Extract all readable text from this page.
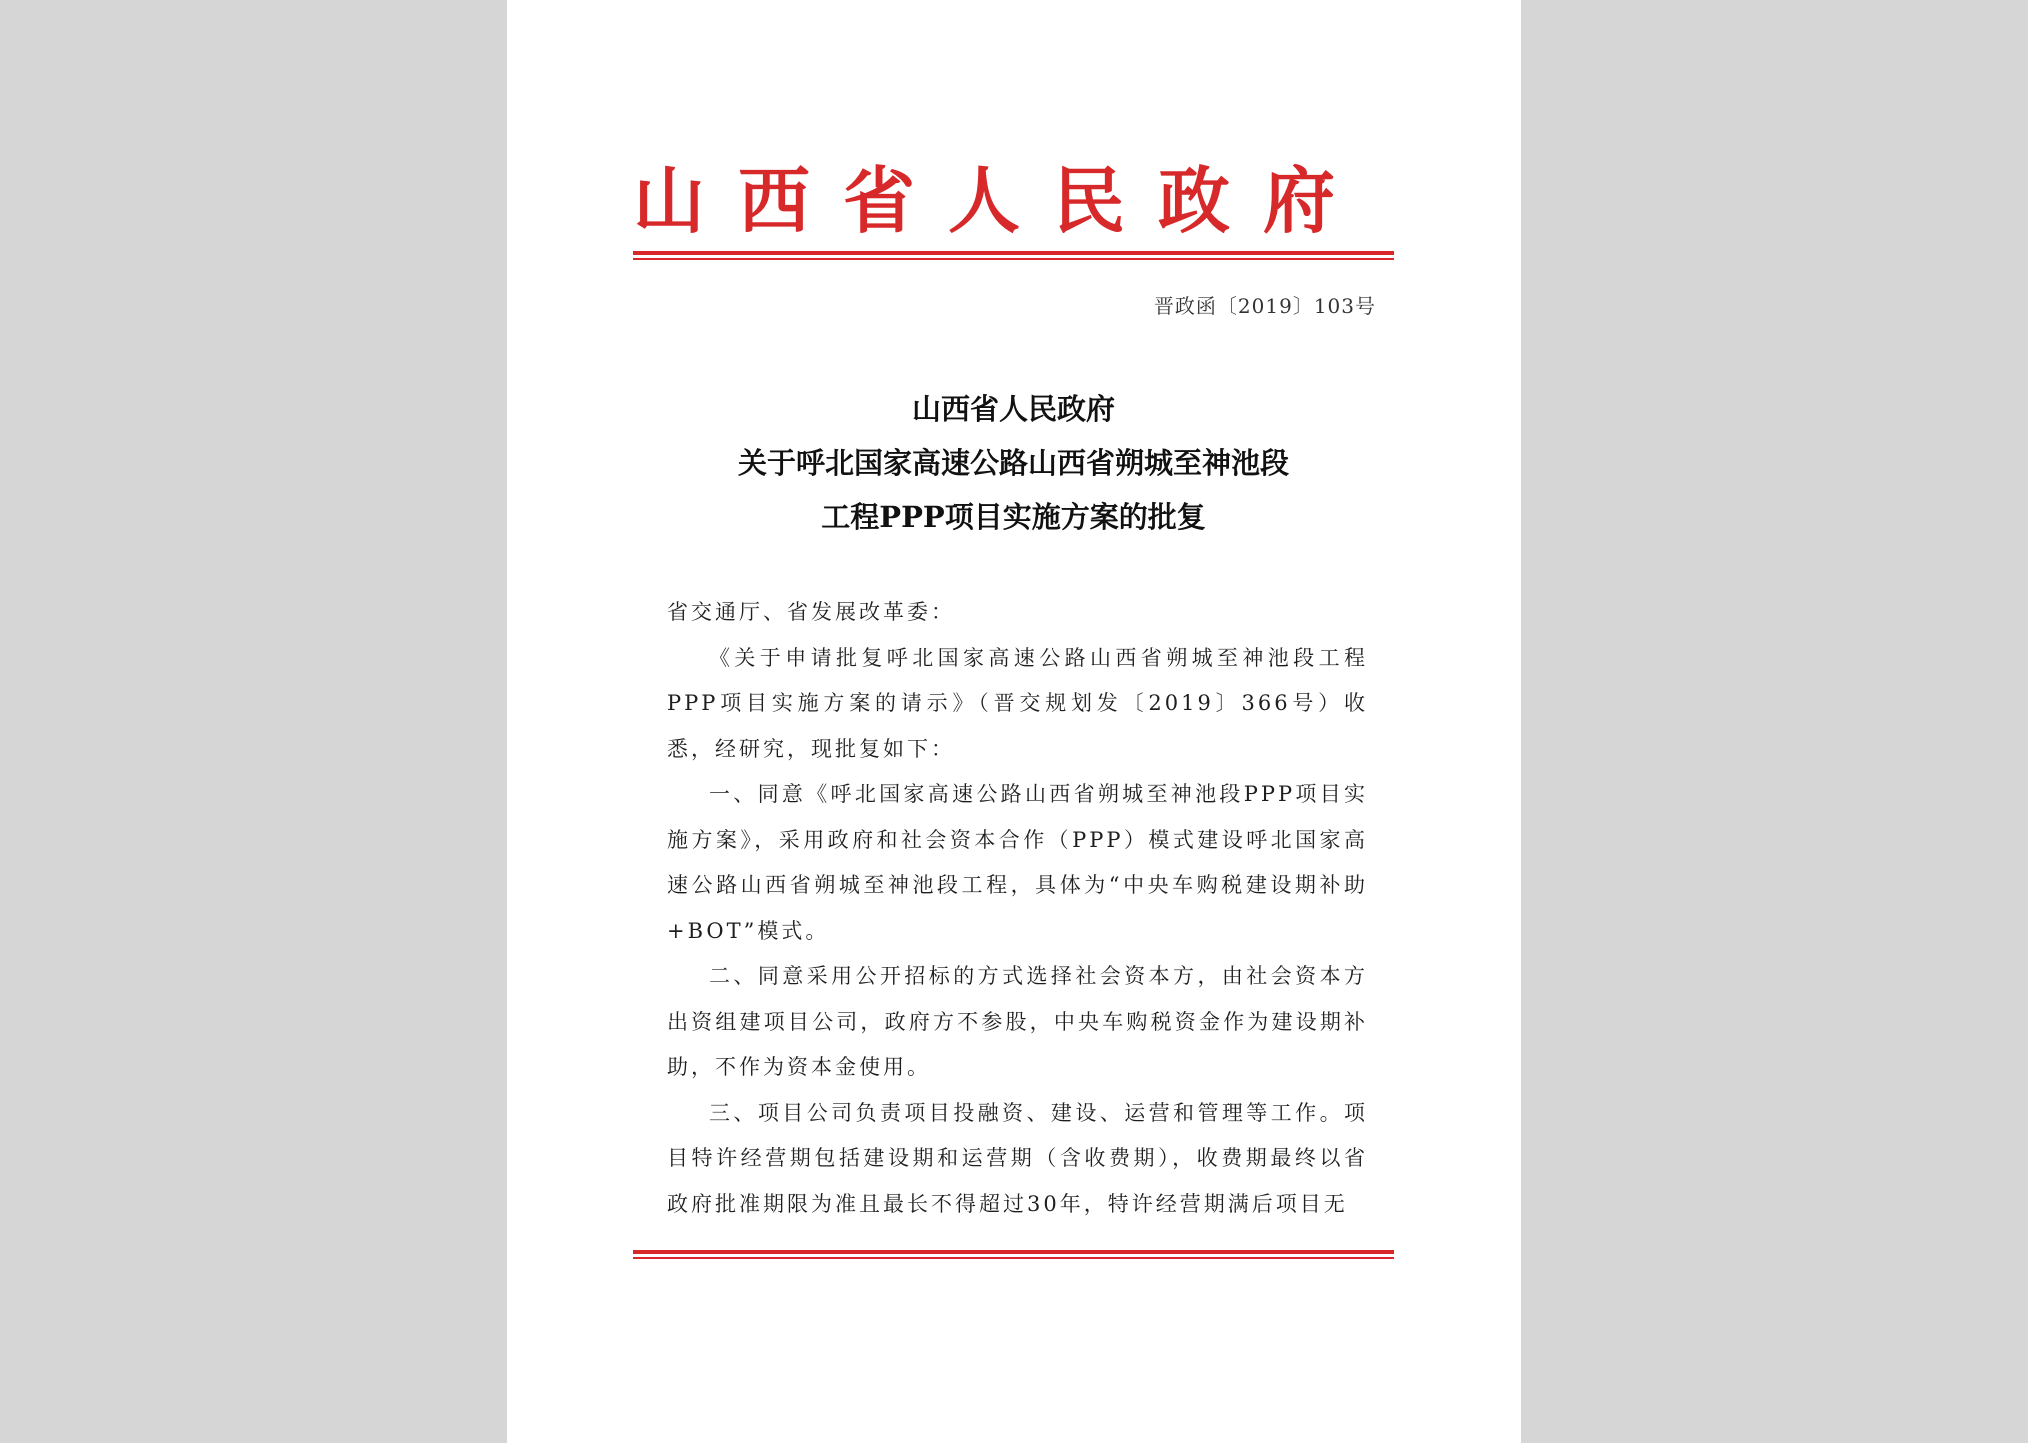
山西省人民政府
晋政函〔2019〕103号
山西省人民政府
关于呼北国家高速公路山西省朔城至神池段
工程PPP项目实施方案的批复

省交通厅、省发展改革委：

《关于申请批复呼北国家高速公路山西省朔城至神池段工程PPP项目实施方案的请示》（晋交规划发〔2019〕366号）收悉，经研究，现批复如下：

一、同意《呼北国家高速公路山西省朔城至神池段PPP项目实施方案》，采用政府和社会资本合作（PPP）模式建设呼北国家高速公路山西省朔城至神池段工程，具体为“中央车购税建设期补助+BOT”模式。

二、同意采用公开招标的方式选择社会资本方，由社会资本方出资组建项目公司，政府方不参股，中央车购税资金作为建设期补助，不作为资本金使用。

三、项目公司负责项目投融资、建设、运营和管理等工作。项目特许经营期包括建设期和运营期（含收费期），收费期最终以省政府批准期限为准且最长不得超过30年，特许经营期满后项目无
